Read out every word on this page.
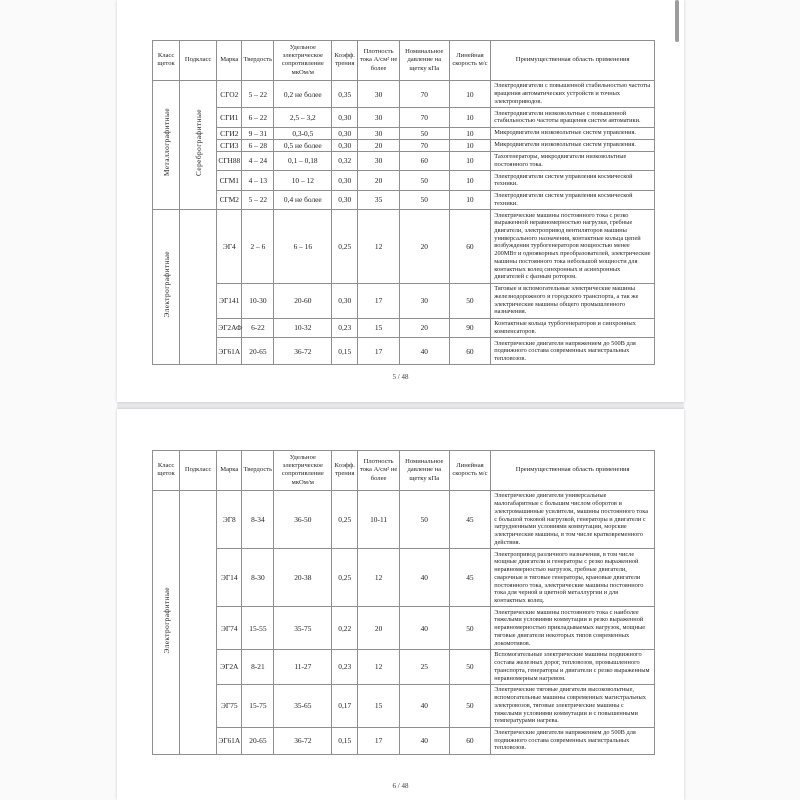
Класс щеток	Подкласс	Марка	Твердость	Удельное электрическое сопротивление мкОм/м	Коэфф. трения	Плотность тока А/см² не более	Номинальное давление на щетку кПа	Линейная скорость м/с	Преимущественная область применения
Металлографитные	Серебрографитные	СГО2	5 – 22	0,2 не более	0,35	30	70	10	Электродвигатели с повышенной стабильностью частоты вращения автоматических устройств и точных электроприводов.
		СГИ1	6 – 22	2,5 – 3,2	0,30	30	70	10	Электродвигатели низковольтные с повышенной стабильностью частоты вращения систем автоматики.
		СГИ2	9 – 31	0,3-0,5	0,30	30	50	10	Микродвигатели низковольтные систем управления.
		СГИ3	6 – 28	0,5 не более	0,30	20	70	10	Микродвигатели низковольтные систем управления.
		СГН88	4 – 24	0,1 – 0,18	0,32	30	60	10	Тахогенераторы, микродвигатели низковольтные постоянного тока.
		СГМ1	4 – 13	10 – 12	0,30	20	50	10	Электродвигатели систем управления космической техники.
		СГМ2	5 – 22	0,4 не более	0,30	35	50	10	Электродвигатели систем управления космической техники.
Электрографитные		ЭГ4	2 – 6	6 – 16	0,25	12	20	60	Электрические машины постоянного тока с резко выраженной неравномерностью нагрузки, гребные двигатели, электропривод вентиляторов машины универсального назначения, контактные кольца цепей возбуждения турбогенераторов мощностью менее 200МВт и одноякорных преобразователей, электрические машины постоянного тока небольшой мощности для контактных колец синхронных и асинхронных двигателей с фазным ротором.
		ЭГ141	10-30	20-60	0,30	17	30	50	Тяговые и вспомогательные электрические машины железнодорожного и городского транспорта, а так же электрические машины общего промышленного назначения.
		ЭГ2АФ	6-22	10-32	0,23	15	20	90	Контактные кольца турбогенераторов и синхронных компенсаторов.
		ЭГ61А	20-65	36-72	0,15	17	40	60	Электрические двигатели напряжением до 500В для подвижного состава современных магистральных тепловозов.
5 / 48
Класс щеток	Подкласс	Марка	Твердость	Удельное электрическое сопротивление мкОм/м	Коэфф. трения	Плотность тока А/см² не более	Номинальное давление на щетку кПа	Линейная скорость м/с	Преимущественная область применения
Электрографитные		ЭГ8	8-34	36-50	0,25	10-11	50	45	Электрические двигатели универсальные малогабаритные с большим числом оборотов и электромашинные усилители, машины постоянного тока с большой токовой нагрузкой, генераторы и двигатели с затрудненными условиями коммутации, морские электрические машины, в том числе кратковременного действия.
		ЭГ14	8-30	20-38	0,25	12	40	45	Электропривод различного назначения, в том числе мощные двигатели и генераторы с резко выраженной неравномерностью нагрузок, гребные двигатели, сварочные и тяговые генераторы, крановые двигатели постоянного тока, электрические машины постоянного тока для черной и цветной металлургии и для контактных колец.
		ЭГ74	15-55	35-75	0,22	20	40	50	Электрические машины постоянного тока с наиболее тяжелыми условиями коммутации и резко выраженной неравномерностью прикладываемых нагрузок, мощные тяговые двигатели некоторых типов современных локомотивов.
		ЭГ2А	8-21	11-27	0,23	12	25	50	Вспомогательные электрические машины подвижного состава железных дорог, тепловозов, промышленного транспорта, генераторы и двигатели с резко выраженным неравномерным нагревом.
		ЭГ75	15-75	35-65	0,17	15	40	50	Электрические тяговые двигатели высоковольтные, вспомогательные машины современных магистральных электровозов, тяговые электрические машины с тяжелыми условиями коммутации и с повышенными температурами нагрева.
		ЭГ61А	20-65	36-72	0,15	17	40	60	Электрические двигатели напряжением до 500В для подвижного состава современных магистральных тепловозов.
6 / 48
